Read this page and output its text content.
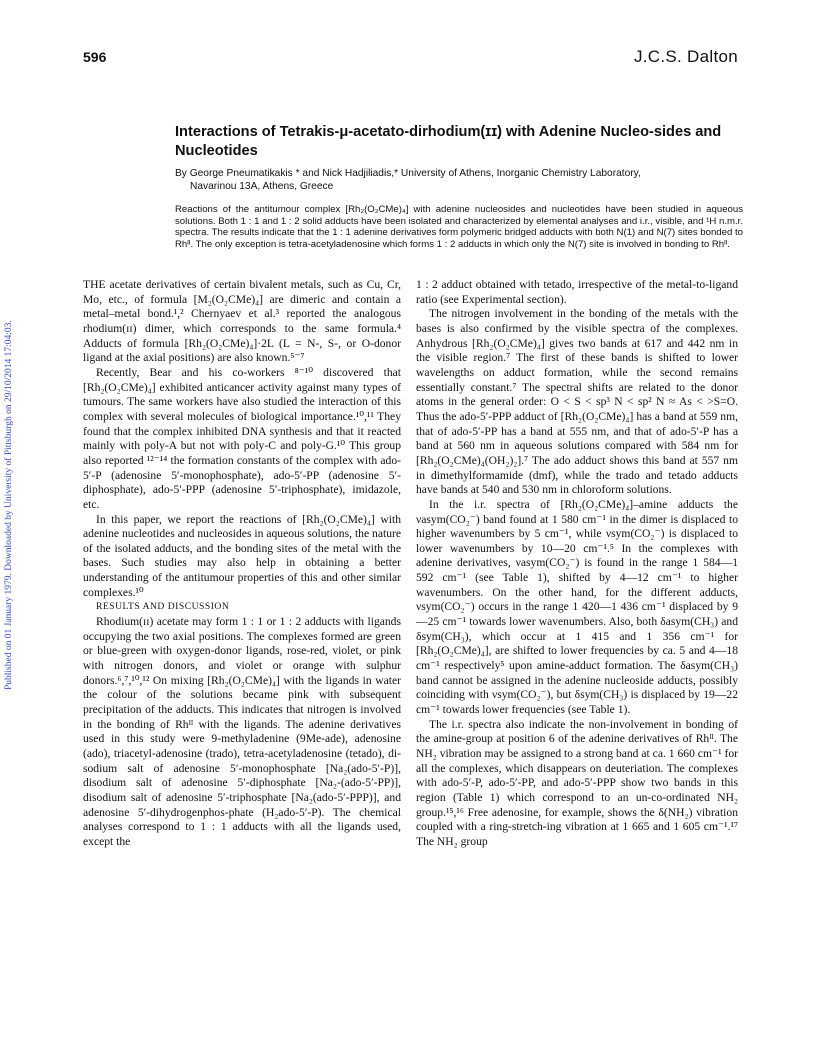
596	J.C.S. Dalton
Published on 01 January 1979. Downloaded by University of Pittsburgh on 29/10/2014 17:04:03.
Interactions of Tetrakis-μ-acetato-dirhodium(ɪɪ) with Adenine Nucleo-sides and Nucleotides
By George Pneumatikakis * and Nick Hadjiliadis,* University of Athens, Inorganic Chemistry Laboratory,
Navarinou 13A, Athens, Greece
Reactions of the antitumour complex [Rh₂(O₂CMe)₄] with adenine nucleosides and nucleotides have been studied in aqueous solutions. Both 1 : 1 and 1 : 2 solid adducts have been isolated and characterized by elemental analyses and i.r., visible, and ¹H n.m.r. spectra. The results indicate that the 1 : 1 adenine derivatives form polymeric bridged adducts with both N(1) and N(7) sites bonded to Rhᴵᴵ. The only exception is tetra-acetyladenosine which forms 1 : 2 adducts in which only the N(7) site is involved in bonding to Rhᴵᴵ.

THE acetate derivatives of certain bivalent metals, such as Cu, Cr, Mo, etc., of formula [M₂(O₂CMe)₄] are dimeric and contain a metal–metal bond.¹,² Chernyaev et al.³ reported the analogous rhodium(ɪɪ) dimer, which corresponds to the same formula.⁴ Adducts of formula [Rh₂(O₂CMe)₄]·2L (L = N-, S-, or O-donor ligand at the axial positions) are also known.⁵⁻⁷

Recently, Bear and his co-workers ⁸⁻¹⁰ discovered that [Rh₂(O₂CMe)₄] exhibited anticancer activity against many types of tumours. The same workers have also studied the interaction of this complex with several molecules of biological importance.¹⁰,¹¹ They found that the complex inhibited DNA synthesis and that it reacted mainly with poly-A but not with poly-C and poly-G.¹⁰ This group also reported ¹²⁻¹⁴ the formation constants of the complex with ado-5′-P (adenosine 5′-monophosphate), ado-5′-PP (adenosine 5′-diphosphate), ado-5′-PPP (adenosine 5′-triphosphate), imidazole, etc.

In this paper, we report the reactions of [Rh₂(O₂CMe)₄] with adenine nucleotides and nucleosides in aqueous solutions, the nature of the isolated adducts, and the bonding sites of the metal with the bases. Such studies may also help in obtaining a better understanding of the antitumour properties of this and other similar complexes.¹⁰

RESULTS AND DISCUSSION

Rhodium(ɪɪ) acetate may form 1 : 1 or 1 : 2 adducts with ligands occupying the two axial positions. The complexes formed are green or blue-green with oxygen-donor ligands, rose-red, violet, or pink with nitrogen donors, and violet or orange with sulphur donors.⁶,⁷,¹⁰,¹² On mixing [Rh₂(O₂CMe)₄] with the ligands in water the colour of the solutions became pink with subsequent precipitation of the adducts. This indicates that nitrogen is involved in the bonding of Rhᴵᴵ with the ligands. The adenine derivatives used in this study were 9-methyladenine (9Me-ade), adenosine (ado), triacetyl-adenosine (trado), tetra-acetyladenosine (tetado), di-sodium salt of adenosine 5′-monophosphate [Na₂(ado-5′-P)], disodium salt of adenosine 5′-diphosphate [Na₂-(ado-5′-PP)], disodium salt of adenosine 5′-triphosphate [Na₂(ado-5′-PPP)], and adenosine 5′-dihydrogenphos-phate (H₂ado-5′-P). The chemical analyses correspond to 1 : 1 adducts with all the ligands used, except the

1 : 2 adduct obtained with tetado, irrespective of the metal-to-ligand ratio (see Experimental section).

The nitrogen involvement in the bonding of the metals with the bases is also confirmed by the visible spectra of the complexes. Anhydrous [Rh₂(O₂CMe)₄] gives two bands at 617 and 442 nm in the visible region.⁷ The first of these bands is shifted to lower wavelengths on adduct formation, while the second remains essentially constant.⁷ The spectral shifts are related to the donor atoms in the general order: O < S < sp³ N < sp² N ≈ As < >S=O. Thus the ado-5′-PPP adduct of [Rh₂(O₂CMe)₄] has a band at 559 nm, that of ado-5′-PP has a band at 555 nm, and that of ado-5′-P has a band at 560 nm in aqueous solutions compared with 584 nm for [Rh₂(O₂CMe)₄(OH₂)₂].⁷ The ado adduct shows this band at 557 nm in dimethylformamide (dmf), while the trado and tetado adducts have bands at 540 and 530 nm in chloroform solutions.

In the i.r. spectra of [Rh₂(O₂CMe)₄]–amine adducts the νasym(CO₂⁻) band found at 1 580 cm⁻¹ in the dimer is displaced to higher wavenumbers by 5 cm⁻¹, while νsym(CO₂⁻) is displaced to lower wavenumbers by 10—20 cm⁻¹.⁵ In the complexes with adenine derivatives, νasym(CO₂⁻) is found in the range 1 584—1 592 cm⁻¹ (see Table 1), shifted by 4—12 cm⁻¹ to higher wavenumbers. On the other hand, for the different adducts, νsym(CO₂⁻) occurs in the range 1 420—1 436 cm⁻¹ displaced by 9—25 cm⁻¹ towards lower wavenumbers. Also, both δasym(CH₃) and δsym(CH₃), which occur at 1 415 and 1 356 cm⁻¹ for [Rh₂(O₂CMe)₄], are shifted to lower frequencies by ca. 5 and 4—18 cm⁻¹ respectively⁵ upon amine-adduct formation. The δasym(CH₃) band cannot be assigned in the adenine nucleoside adducts, possibly coinciding with νsym(CO₂⁻), but δsym(CH₃) is displaced by 19—22 cm⁻¹ towards lower frequencies (see Table 1).

The i.r. spectra also indicate the non-involvement in bonding of the amine-group at position 6 of the adenine derivatives of Rhᴵᴵ. The NH₂ vibration may be assigned to a strong band at ca. 1 660 cm⁻¹ for all the complexes, which disappears on deuteriation. The complexes with ado-5′-P, ado-5′-PP, and ado-5′-PPP show two bands in this region (Table 1) which correspond to an un-co-ordinated NH₂ group.¹⁵,¹⁶ Free adenosine, for example, shows the δ(NH₂) vibration coupled with a ring-stretch-ing vibration at 1 665 and 1 605 cm⁻¹.¹⁷ The NH₂ group
